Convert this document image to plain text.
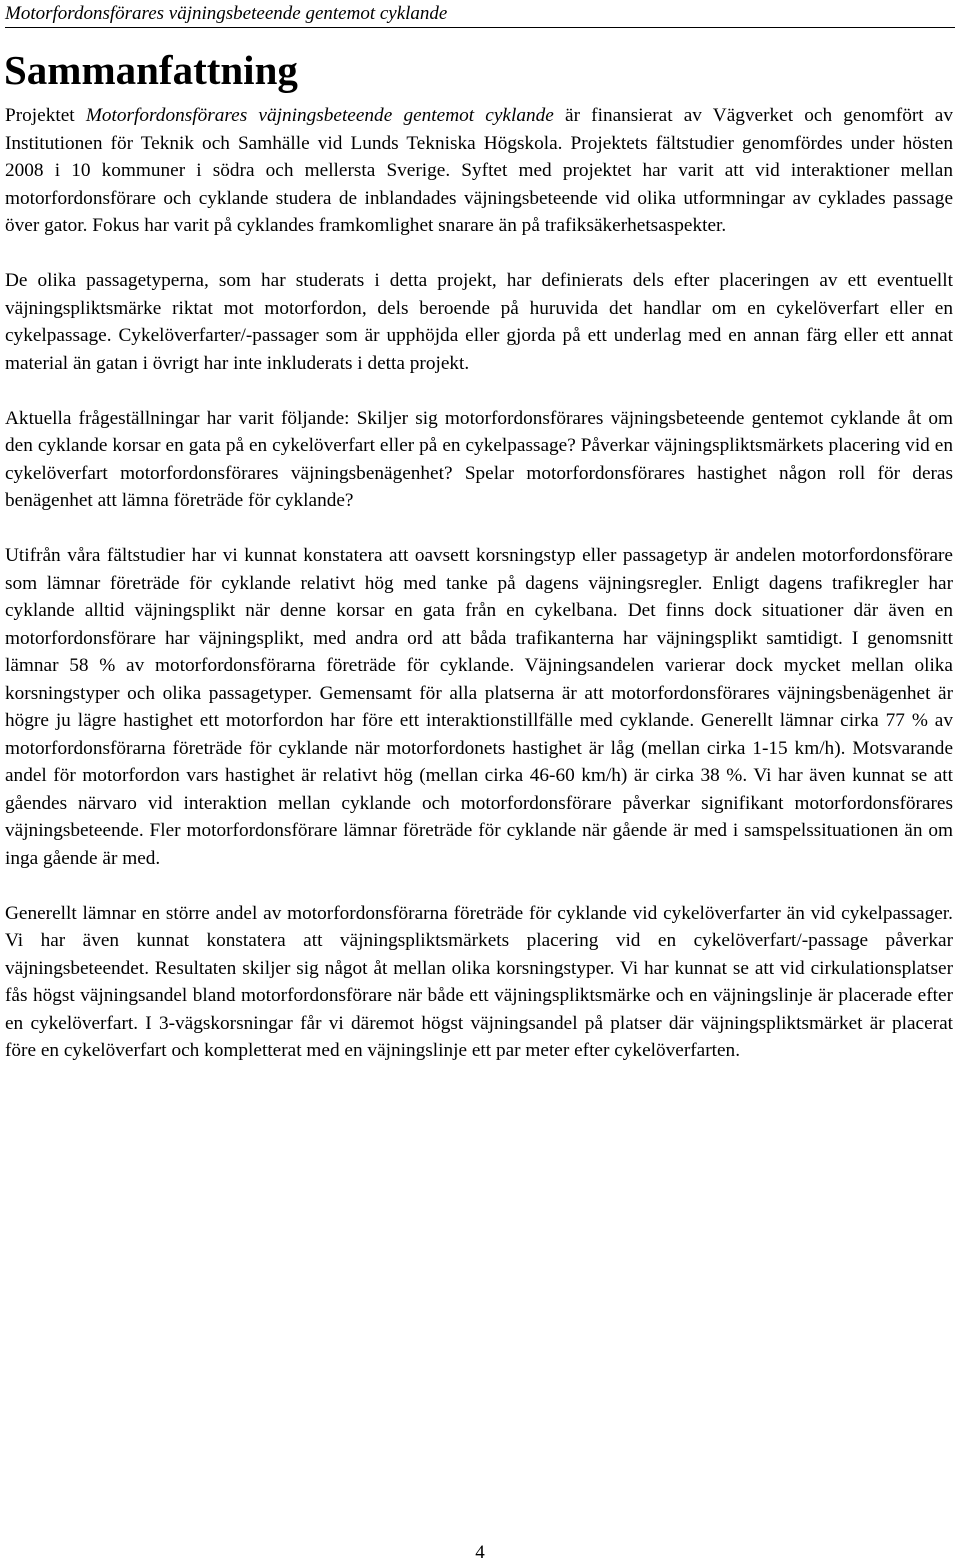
Motorfordonsförares väjningsbeteende gentemot cyklande
Sammanfattning

Projektet Motorfordonsförares väjningsbeteende gentemot cyklande är finansierat av Vägverket och genomfört av Institutionen för Teknik och Samhälle vid Lunds Tekniska Högskola. Projektets fältstudier genomfördes under hösten 2008 i 10 kommuner i södra och mellersta Sverige. Syftet med projektet har varit att vid interaktioner mellan motorfordonsförare och cyklande studera de inblandades väjningsbeteende vid olika utformningar av cyklades passage över gator. Fokus har varit på cyklandes framkomlighet snarare än på trafiksäkerhetsaspekter.

De olika passagetyperna, som har studerats i detta projekt, har definierats dels efter placeringen av ett eventuellt väjningspliktsmärke riktat mot motorfordon, dels beroende på huruvida det handlar om en cykelöverfart eller en cykelpassage. Cykelöverfarter/-passager som är upphöjda eller gjorda på ett underlag med en annan färg eller ett annat material än gatan i övrigt har inte inkluderats i detta projekt.

Aktuella frågeställningar har varit följande: Skiljer sig motorfordonsförares väjningsbeteende gentemot cyklande åt om den cyklande korsar en gata på en cykelöverfart eller på en cykelpassage? Påverkar väjningspliktsmärkets placering vid en cykelöverfart motorfordonsförares väjningsbenägenhet? Spelar motorfordonsförares hastighet någon roll för deras benägenhet att lämna företräde för cyklande?

Utifrån våra fältstudier har vi kunnat konstatera att oavsett korsningstyp eller passagetyp är andelen motorfordonsförare som lämnar företräde för cyklande relativt hög med tanke på dagens väjningsregler. Enligt dagens trafikregler har cyklande alltid väjningsplikt när denne korsar en gata från en cykelbana. Det finns dock situationer där även en motorfordonsförare har väjningsplikt, med andra ord att båda trafikanterna har väjningsplikt samtidigt. I genomsnitt lämnar 58 % av motorfordonsförarna företräde för cyklande. Väjningsandelen varierar dock mycket mellan olika korsningstyper och olika passagetyper. Gemensamt för alla platserna är att motorfordonsförares väjningsbenägenhet är högre ju lägre hastighet ett motorfordon har före ett interaktionstillfälle med cyklande. Generellt lämnar cirka 77 % av motorfordonsförarna företräde för cyklande när motorfordonets hastighet är låg (mellan cirka 1-15 km/h). Motsvarande andel för motorfordon vars hastighet är relativt hög (mellan cirka 46-60 km/h) är cirka 38 %. Vi har även kunnat se att gåendes närvaro vid interaktion mellan cyklande och motorfordonsförare påverkar signifikant motorfordonsförares väjningsbeteende. Fler motorfordonsförare lämnar företräde för cyklande när gående är med i samspelssituationen än om inga gående är med.

Generellt lämnar en större andel av motorfordonsförarna företräde för cyklande vid cykelöverfarter än vid cykelpassager. Vi har även kunnat konstatera att väjningspliktsmärkets placering vid en cykelöverfart/-passage påverkar väjningsbeteendet. Resultaten skiljer sig något åt mellan olika korsningstyper. Vi har kunnat se att vid cirkulationsplatser fås högst väjningsandel bland motorfordonsförare när både ett väjningspliktsmärke och en väjningslinje är placerade efter en cykelöverfart. I 3-vägskorsningar får vi däremot högst väjningsandel på platser där väjningspliktsmärket är placerat före en cykelöverfart och kompletterat med en väjningslinje ett par meter efter cykelöverfarten.

4
